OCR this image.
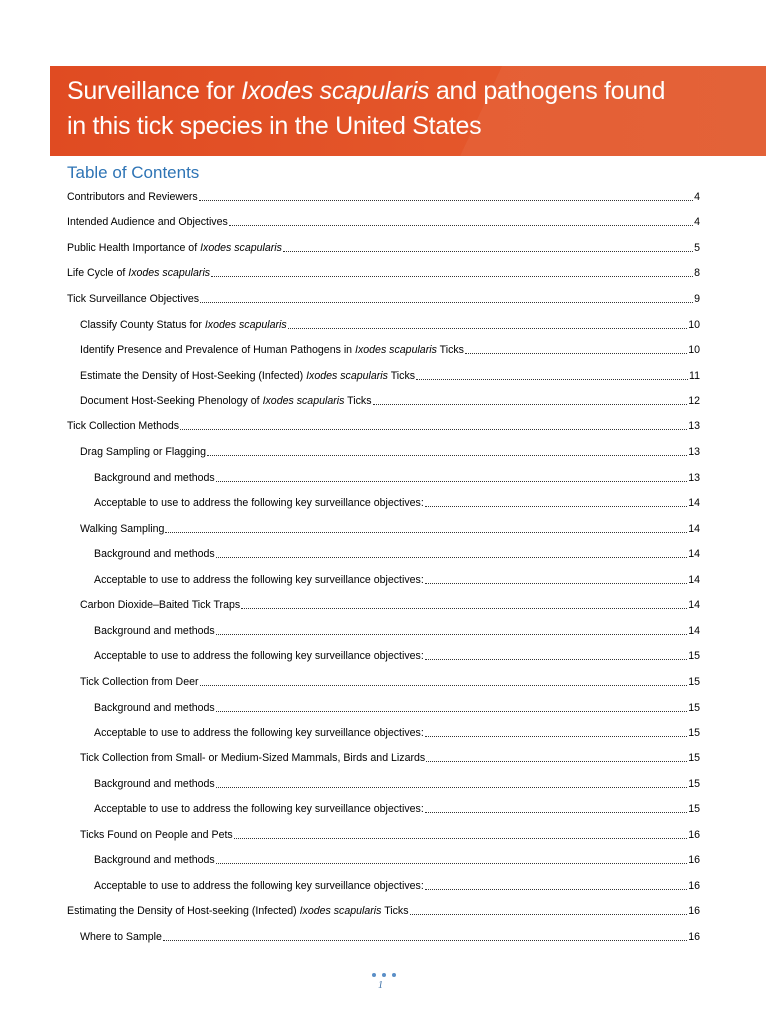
Surveillance for Ixodes scapularis and pathogens found
in this tick species in the United States
Table of Contents
Contributors and Reviewers	4
Intended Audience and Objectives	4
Public Health Importance of Ixodes scapularis	5
Life Cycle of Ixodes scapularis	8
Tick Surveillance Objectives	9
Classify County Status for Ixodes scapularis	10
Identify Presence and Prevalence of Human Pathogens in Ixodes scapularis Ticks	10
Estimate the Density of Host-Seeking (Infected) Ixodes scapularis Ticks	11
Document Host-Seeking Phenology of Ixodes scapularis Ticks	12
Tick Collection Methods	13
Drag Sampling or Flagging	13
Background and methods	13
Acceptable to use to address the following key surveillance objectives:	14
Walking Sampling	14
Background and methods	14
Acceptable to use to address the following key surveillance objectives:	14
Carbon Dioxide–Baited Tick Traps	14
Background and methods	14
Acceptable to use to address the following key surveillance objectives:	15
Tick Collection from Deer	15
Background and methods	15
Acceptable to use to address the following key surveillance objectives:	15
Tick Collection from Small- or Medium-Sized Mammals, Birds and Lizards	15
Background and methods	15
Acceptable to use to address the following key surveillance objectives:	15
Ticks Found on People and Pets	16
Background and methods	16
Acceptable to use to address the following key surveillance objectives:	16
Estimating the Density of Host-seeking (Infected) Ixodes scapularis Ticks	16
Where to Sample	16
1
